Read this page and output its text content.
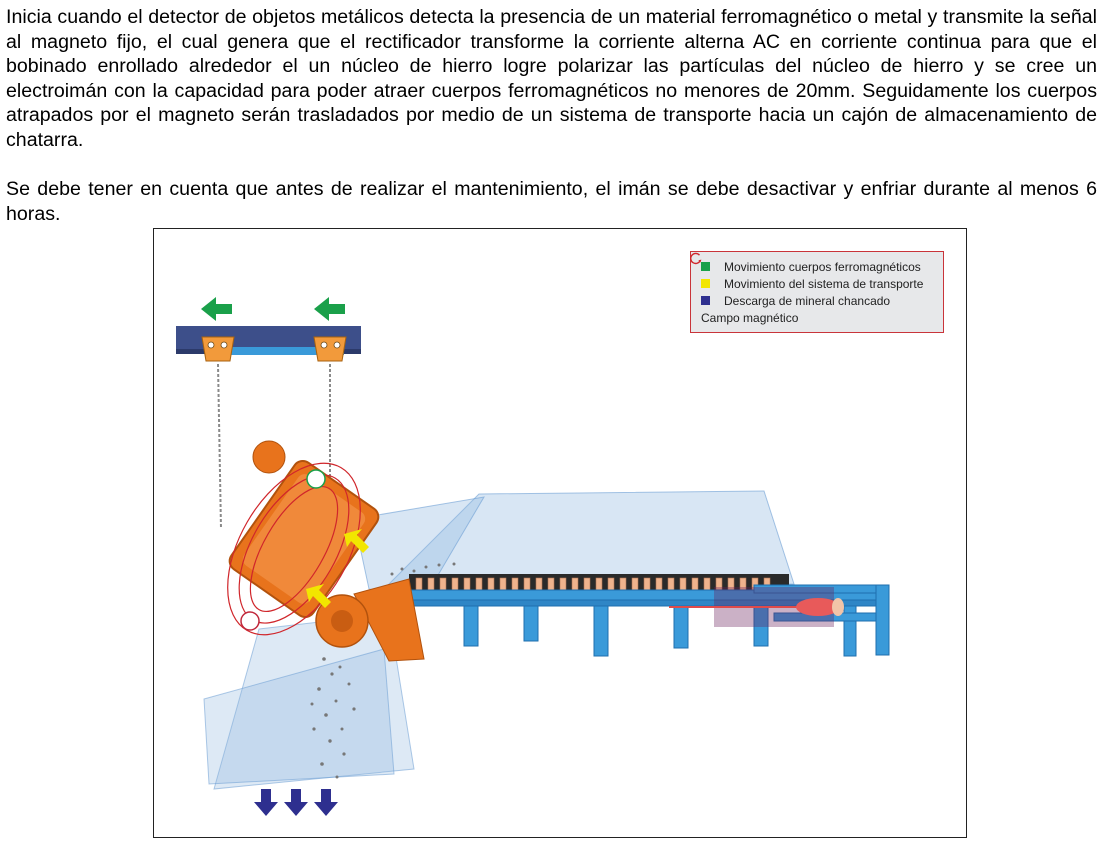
Inicia cuando el detector de objetos metálicos detecta la presencia de un material ferromagnético o metal y transmite la señal al magneto fijo, el cual genera que el rectificador transforme la corriente alterna AC en corriente continua para que el bobinado enrollado alrededor el un núcleo de hierro logre polarizar las partículas del núcleo de hierro y se cree un electroimán con la capacidad para poder atraer cuerpos ferromagnéticos no menores de 20mm. Seguidamente los cuerpos atrapados por el magneto serán trasladados por medio de un sistema de transporte hacia un cajón de almacenamiento de chatarra.

Se debe tener en cuenta que antes de realizar el mantenimiento, el imán se debe desactivar y enfriar durante al menos 6 horas.

Movimiento cuerpos ferromagnéticos
Movimiento del sistema de transporte
Descarga de mineral chancado
Campo magnético
